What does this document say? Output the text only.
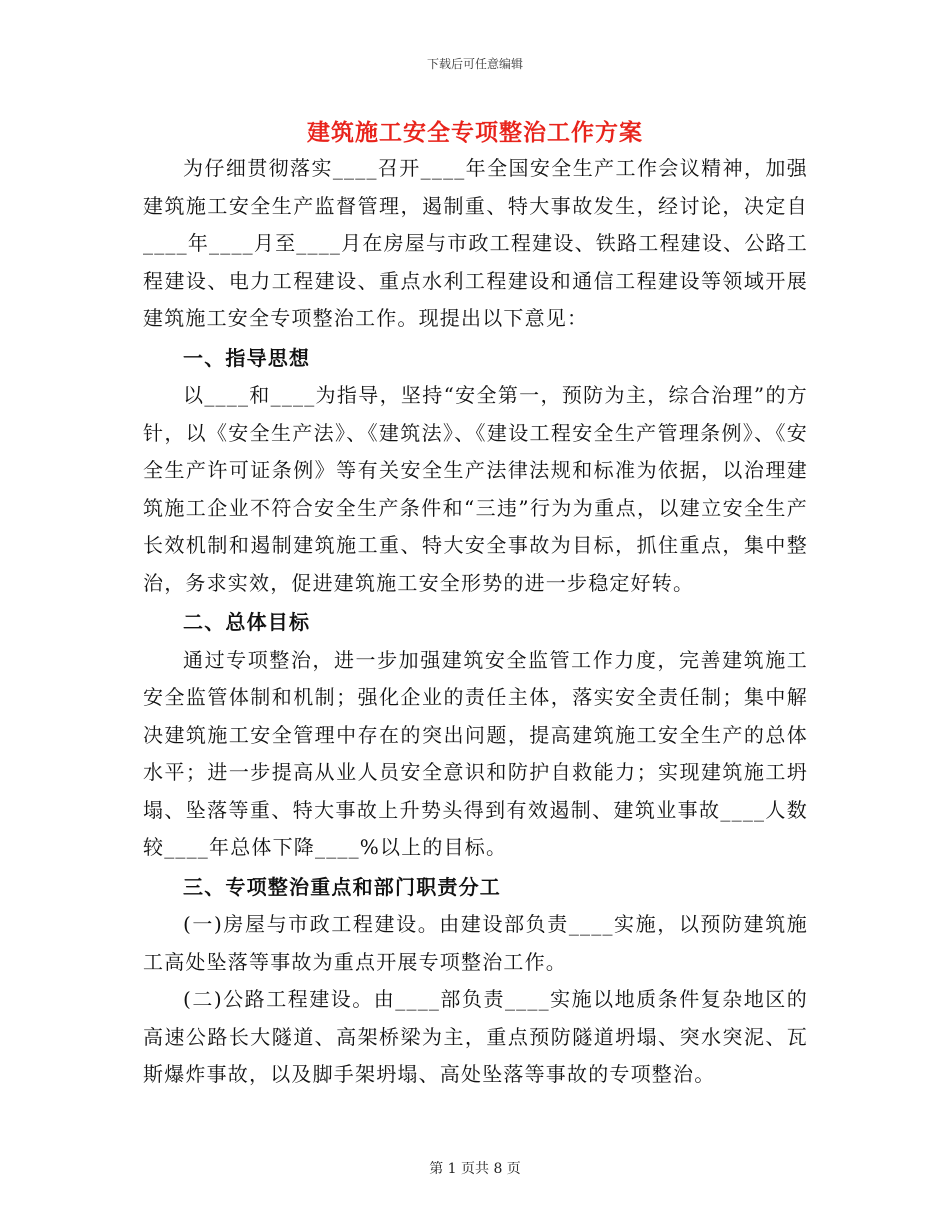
下载后可任意编辑
建筑施工安全专项整治工作方案

为仔细贯彻落实____召开____年全国安全生产工作会议精神，加强建筑施工安全生产监督管理，遏制重、特大事故发生，经讨论，决定自____年____月至____月在房屋与市政工程建设、铁路工程建设、公路工程建设、电力工程建设、重点水利工程建设和通信工程建设等领域开展建筑施工安全专项整治工作。现提出以下意见：

一、指导思想

以____和____为指导，坚持“安全第一，预防为主，综合治理”的方针，以《安全生产法》、《建筑法》、《建设工程安全生产管理条例》、《安全生产许可证条例》等有关安全生产法律法规和标准为依据，以治理建筑施工企业不符合安全生产条件和“三违”行为为重点，以建立安全生产长效机制和遏制建筑施工重、特大安全事故为目标，抓住重点，集中整治，务求实效，促进建筑施工安全形势的进一步稳定好转。

二、总体目标

通过专项整治，进一步加强建筑安全监管工作力度，完善建筑施工安全监管体制和机制；强化企业的责任主体，落实安全责任制；集中解决建筑施工安全管理中存在的突出问题，提高建筑施工安全生产的总体水平；进一步提高从业人员安全意识和防护自救能力；实现建筑施工坍塌、坠落等重、特大事故上升势头得到有效遏制、建筑业事故____人数较____年总体下降____%以上的目标。

三、专项整治重点和部门职责分工

(一)房屋与市政工程建设。由建设部负责____实施，以预防建筑施工高处坠落等事故为重点开展专项整治工作。

(二)公路工程建设。由____部负责____实施以地质条件复杂地区的高速公路长大隧道、高架桥梁为主，重点预防隧道坍塌、突水突泥、瓦斯爆炸事故，以及脚手架坍塌、高处坠落等事故的专项整治。

第 1 页共 8 页
